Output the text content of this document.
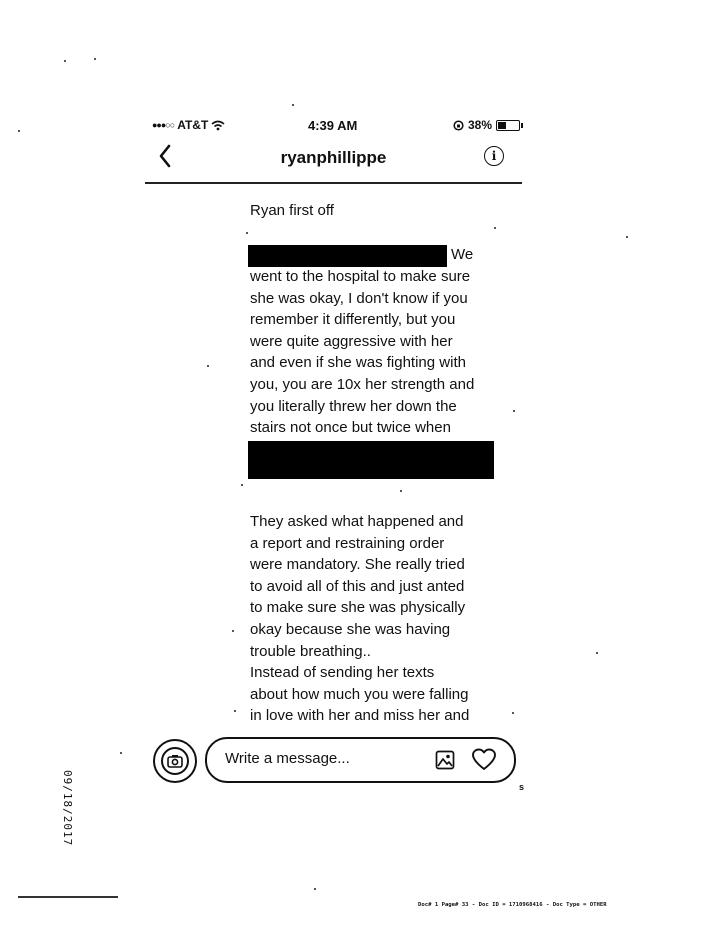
●●●○○ AT&T	4:39 AM	38%
ryanphillippe	i
Ryan first off
We
went to the hospital to make sure
she was okay, I don't know if you
remember it differently, but you
were quite aggressive with her
and even if she was fighting with
you, you are 10x her strength and
you literally threw her down the
stairs not once but twice when
They asked what happened and
a report and restraining order
were mandatory. She really tried
to avoid all of this and just anted
to make sure she was physically
okay because she was having
trouble breathing..
Instead of sending her texts
about how much you were falling
in love with her and miss her and
Write a message...
09/18/2017	s
Doc# 1 Page# 33 - Doc ID = 1710968416 - Doc Type = OTHER
